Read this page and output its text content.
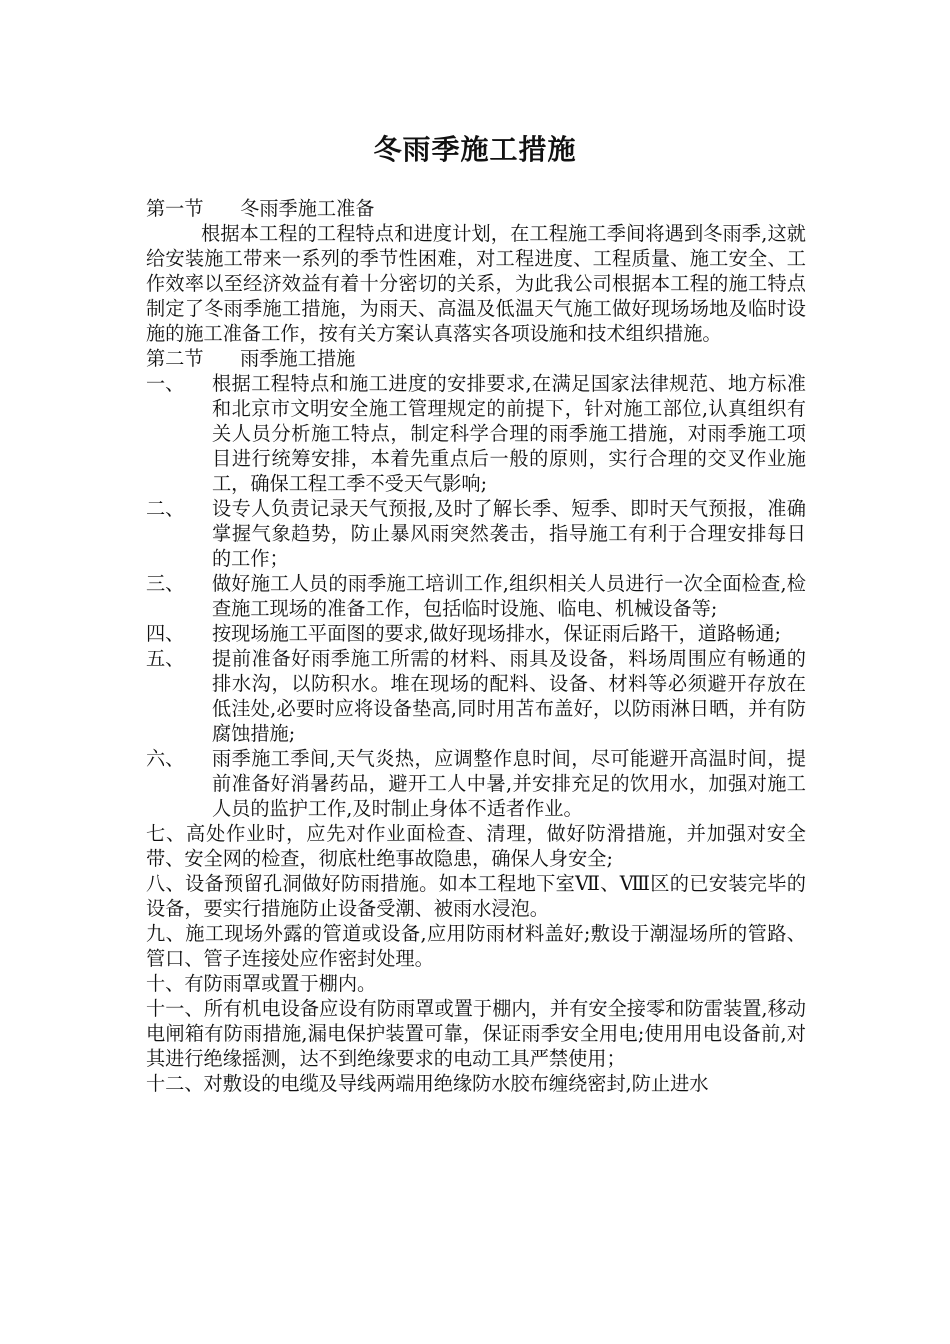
冬雨季施工措施

第一节 冬雨季施工准备

根据本工程的工程特点和进度计划，在工程施工季间将遇到冬雨季,这就给安装施工带来一系列的季节性困难，对工程进度、工程质量、施工安全、工作效率以至经济效益有着十分密切的关系，为此我公司根据本工程的施工特点制定了冬雨季施工措施，为雨天、高温及低温天气施工做好现场场地及临时设施的施工准备工作，按有关方案认真落实各项设施和技术组织措施。

第二节 雨季施工措施

一、	根据工程特点和施工进度的安排要求,在满足国家法律规范、地方标准和北京市文明安全施工管理规定的前提下，针对施工部位,认真组织有关人员分析施工特点，制定科学合理的雨季施工措施，对雨季施工项目进行统筹安排，本着先重点后一般的原则，实行合理的交叉作业施工，确保工程工季不受天气影响;
二、	设专人负责记录天气预报,及时了解长季、短季、即时天气预报，准确掌握气象趋势，防止暴风雨突然袭击，指导施工有利于合理安排每日的工作；
三、	做好施工人员的雨季施工培训工作,组织相关人员进行一次全面检查,检查施工现场的准备工作，包括临时设施、临电、机械设备等;
四、	按现场施工平面图的要求,做好现场排水，保证雨后路干，道路畅通;
五、	提前准备好雨季施工所需的材料、雨具及设备，料场周围应有畅通的排水沟，以防积水。堆在现场的配料、设备、材料等必须避开存放在低洼处,必要时应将设备垫高,同时用苫布盖好，以防雨淋日晒，并有防腐蚀措施;
六、	雨季施工季间,天气炎热，应调整作息时间，尽可能避开高温时间，提前准备好消暑药品，避开工人中暑,并安排充足的饮用水，加强对施工人员的监护工作,及时制止身体不适者作业。

七、高处作业时，应先对作业面检查、清理，做好防滑措施，并加强对安全带、安全网的检查，彻底杜绝事故隐患，确保人身安全;

八、设备预留孔洞做好防雨措施。如本工程地下室Ⅶ、Ⅷ区的已安装完毕的设备，要实行措施防止设备受潮、被雨水浸泡。

九、施工现场外露的管道或设备,应用防雨材料盖好;敷设于潮湿场所的管路、管口、管子连接处应作密封处理。

十、有防雨罩或置于棚内。

十一、所有机电设备应设有防雨罩或置于棚内，并有安全接零和防雷装置,移动电闸箱有防雨措施,漏电保护装置可靠，保证雨季安全用电;使用用电设备前,对其进行绝缘摇测，达不到绝缘要求的电动工具严禁使用；

十二、对敷设的电缆及导线两端用绝缘防水胶布缠绕密封,防止进水
